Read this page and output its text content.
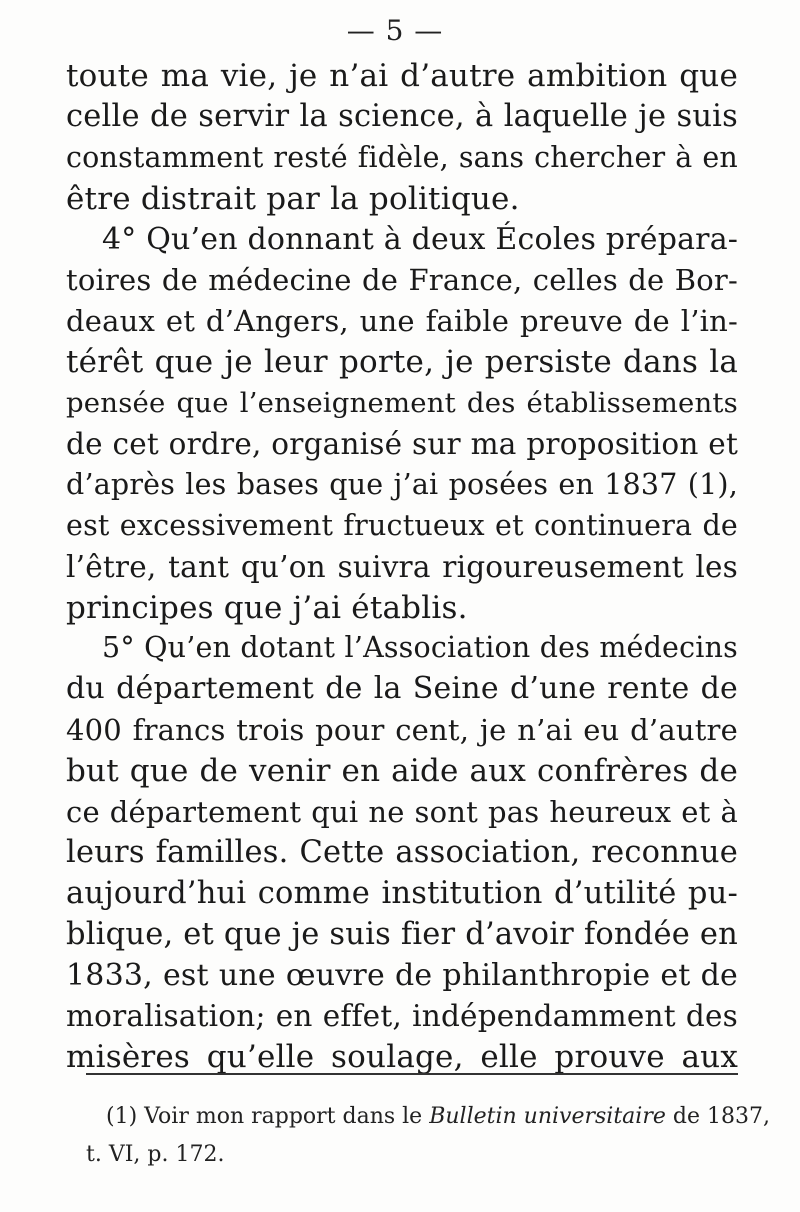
— 5 —
toute ma vie, je n’ai d’autre ambition que
celle de servir la science, à laquelle je suis
constamment resté fidèle, sans chercher à en
être distrait par la politique.
4° Qu’en donnant à deux Écoles prépara-
toires de médecine de France, celles de Bor-
deaux et d’Angers, une faible preuve de l’in-
térêt que je leur porte, je persiste dans la
pensée que l’enseignement des établissements
de cet ordre, organisé sur ma proposition et
d’après les bases que j’ai posées en 1837 (1),
est excessivement fructueux et continuera de
l’être, tant qu’on suivra rigoureusement les
principes que j’ai établis.
5° Qu’en dotant l’Association des médecins
du département de la Seine d’une rente de
400 francs trois pour cent, je n’ai eu d’autre
but que de venir en aide aux confrères de
ce département qui ne sont pas heureux et à
leurs familles. Cette association, reconnue
aujourd’hui comme institution d’utilité pu-
blique, et que je suis fier d’avoir fondée en
1833, est une œuvre de philanthropie et de
moralisation; en effet, indépendamment des
misères qu’elle soulage, elle prouve aux
(1) Voir mon rapport dans le Bulletin universitaire de 1837,
t. VI, p. 172.
